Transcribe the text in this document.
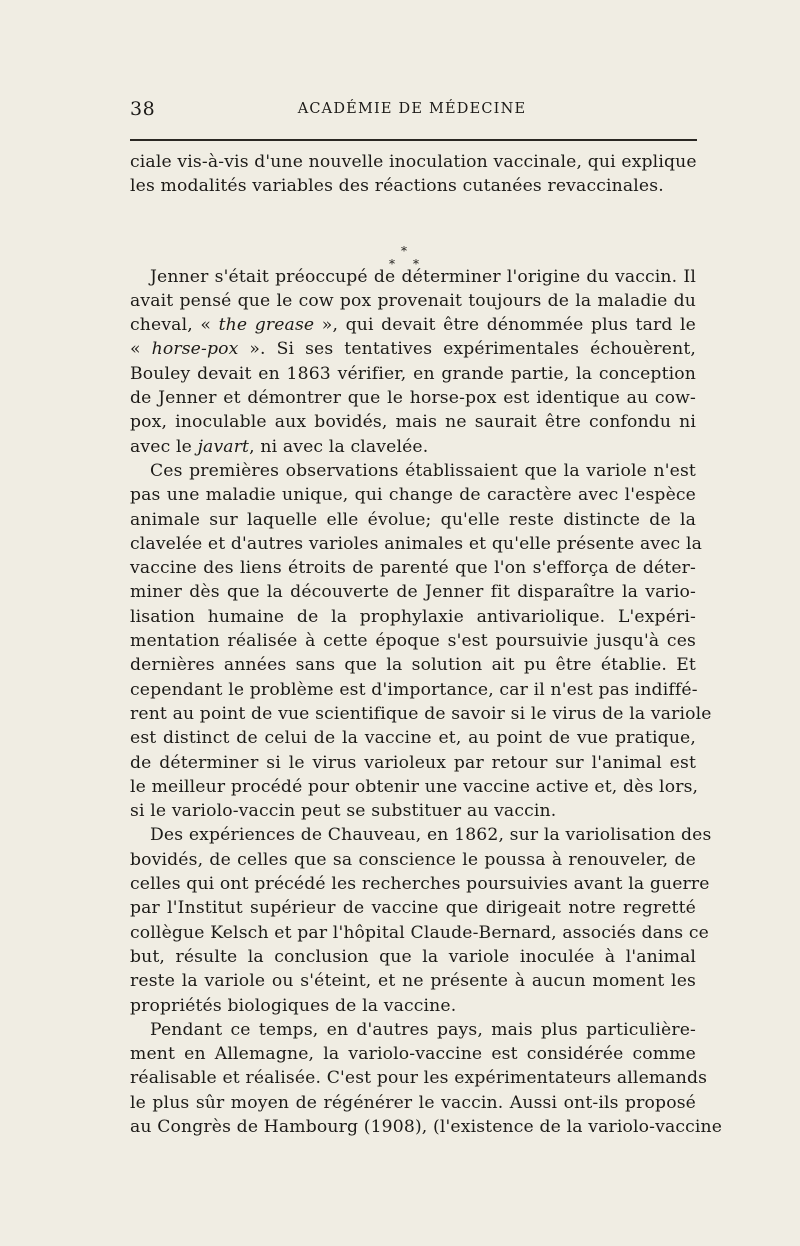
38	ACADÉMIE DE MÉDECINE
ciale vis-à-vis d'une nouvelle inoculation vaccinale, qui explique
les modalités variables des réactions cutanées revaccinales.
*
* *
Jenner s'était préoccupé de déterminer l'origine du vaccin. Il
avait pensé que le cow pox provenait toujours de la maladie du
cheval, « the grease », qui devait être dénommée plus tard le
« horse-pox ». Si ses tentatives expérimentales échouèrent,
Bouley devait en 1863 vérifier, en grande partie, la conception
de Jenner et démontrer que le horse-pox est identique au cow-
pox, inoculable aux bovidés, mais ne saurait être confondu ni
avec le javart, ni avec la clavelée.
Ces premières observations établissaient que la variole n'est
pas une maladie unique, qui change de caractère avec l'espèce
animale sur laquelle elle évolue; qu'elle reste distincte de la
clavelée et d'autres varioles animales et qu'elle présente avec la
vaccine des liens étroits de parenté que l'on s'efforça de déter-
miner dès que la découverte de Jenner fit disparaître la vario-
lisation humaine de la prophylaxie antivariolique. L'expéri-
mentation réalisée à cette époque s'est poursuivie jusqu'à ces
dernières années sans que la solution ait pu être établie. Et
cependant le problème est d'importance, car il n'est pas indiffé-
rent au point de vue scientifique de savoir si le virus de la variole
est distinct de celui de la vaccine et, au point de vue pratique,
de déterminer si le virus varioleux par retour sur l'animal est
le meilleur procédé pour obtenir une vaccine active et, dès lors,
si le variolo-vaccin peut se substituer au vaccin.
Des expériences de Chauveau, en 1862, sur la variolisation des
bovidés, de celles que sa conscience le poussa à renouveler, de
celles qui ont précédé les recherches poursuivies avant la guerre
par l'Institut supérieur de vaccine que dirigeait notre regretté
collègue Kelsch et par l'hôpital Claude-Bernard, associés dans ce
but, résulte la conclusion que la variole inoculée à l'animal
reste la variole ou s'éteint, et ne présente à aucun moment les
propriétés biologiques de la vaccine.
Pendant ce temps, en d'autres pays, mais plus particulière-
ment en Allemagne, la variolo-vaccine est considérée comme
réalisable et réalisée. C'est pour les expérimentateurs allemands
le plus sûr moyen de régénérer le vaccin. Aussi ont-ils proposé
au Congrès de Hambourg (1908), (l'existence de la variolo-vaccine
